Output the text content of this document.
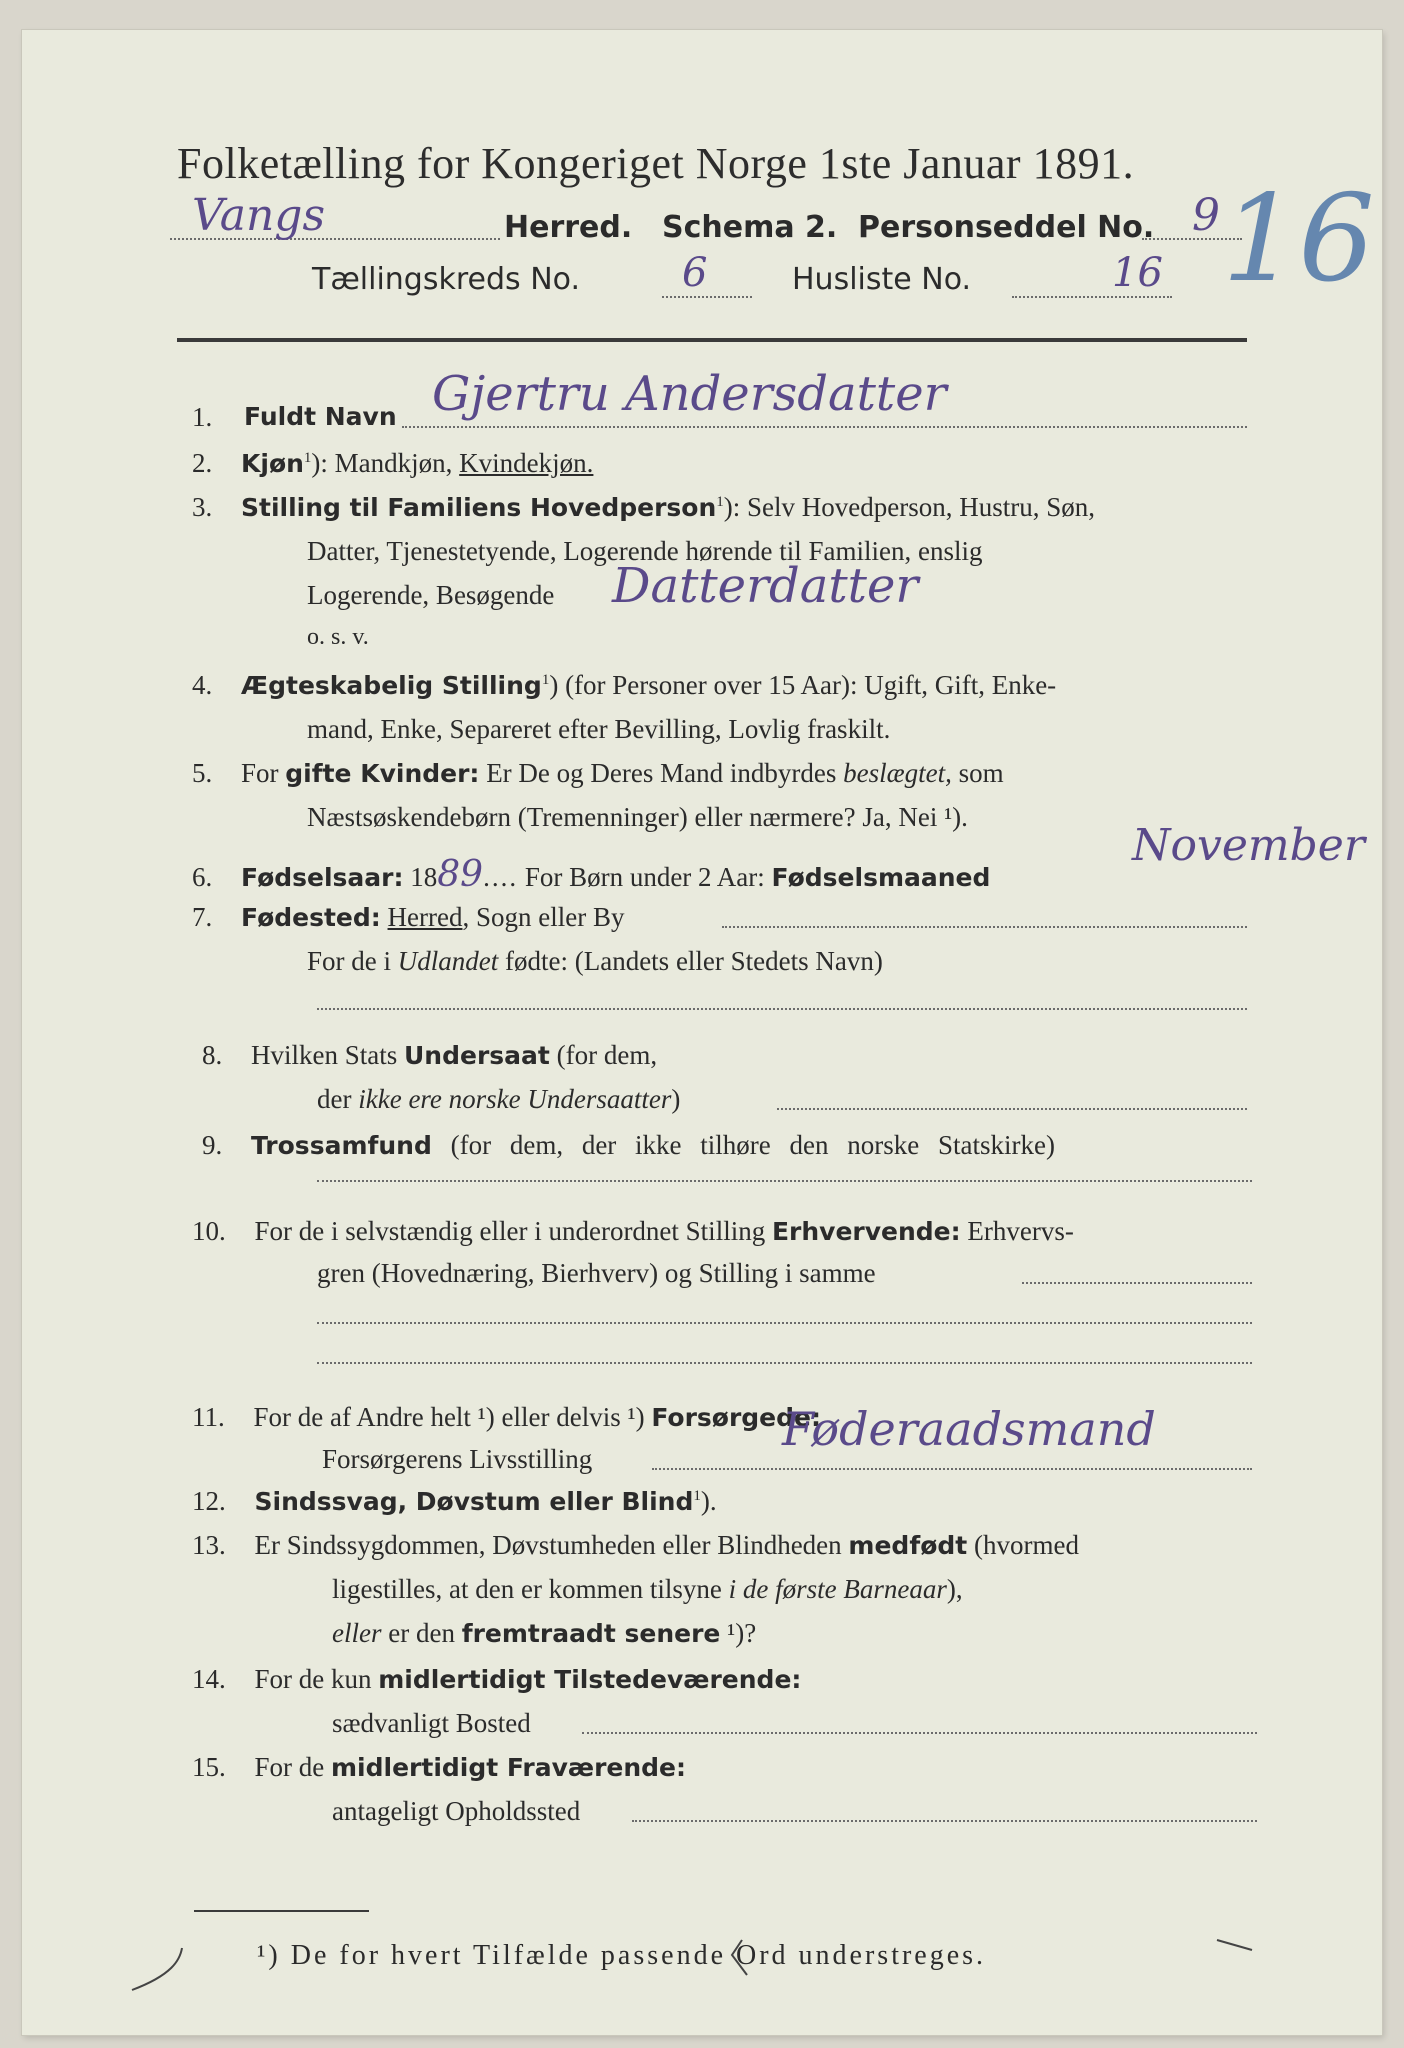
Folketælling for Kongeriget Norge 1ste Januar 1891.
Vangs	Herred. Schema 2. Personseddel No. 9
Tællingskreds No.	6	Husliste No.	16 16
1. Fuldt Navn Gjertru Andersdatter
2. Kjøn$^1$): Mandkjøn, Kvindekjøn.
3. Stilling til Familiens Hovedperson$^1$): Selv Hovedperson, Hustru, Søn,
Datter, Tjenestetyende, Logerende hørende til Familien, enslig
Logerende, Besøgende Datterdatter
o. s. v.
4. Ægteskabelig Stilling$^1$) (for Personer over 15 Aar): Ugift, Gift, Enke-
mand, Enke, Separeret efter Bevilling, Lovlig fraskilt.
5. For gifte Kvinder: Er De og Deres Mand indbyrdes beslægtet, som
Næstsøskendebørn (Tremenninger) eller nærmere? Ja, Nei ¹).
6. Fødselsaar: 1889.... For Børn under 2 Aar: Fødselsmaaned
November
7. Fødested: Herred, Sogn eller By
For de i Udlandet fødte: (Landets eller Stedets Navn)
8. Hvilken Stats Undersaat (for dem,
der ikke ere norske Undersaatter)
9. Trossamfund (for dem, der ikke tilhøre den norske Statskirke)
10. For de i selvstændig eller i underordnet Stilling Erhvervende: Erhvervs-
gren (Hovednæring, Bierhverv) og Stilling i samme
11. For de af Andre helt ¹) eller delvis ¹) Forsørgede:
Forsørgerens Livsstilling
Føderaadsmand
12. Sindssvag, Døvstum eller Blind$^1$).
13. Er Sindssygdommen, Døvstumheden eller Blindheden medfødt (hvormed
ligestilles, at den er kommen tilsyne i de første Barneaar),
eller er den fremtraadt senere ¹)?
14. For de kun midlertidigt Tilstedeværende:
sædvanligt Bosted
15. For de midlertidigt Fraværende:
antageligt Opholdssted
¹) De for hvert Tilfælde passende Ord understreges.
